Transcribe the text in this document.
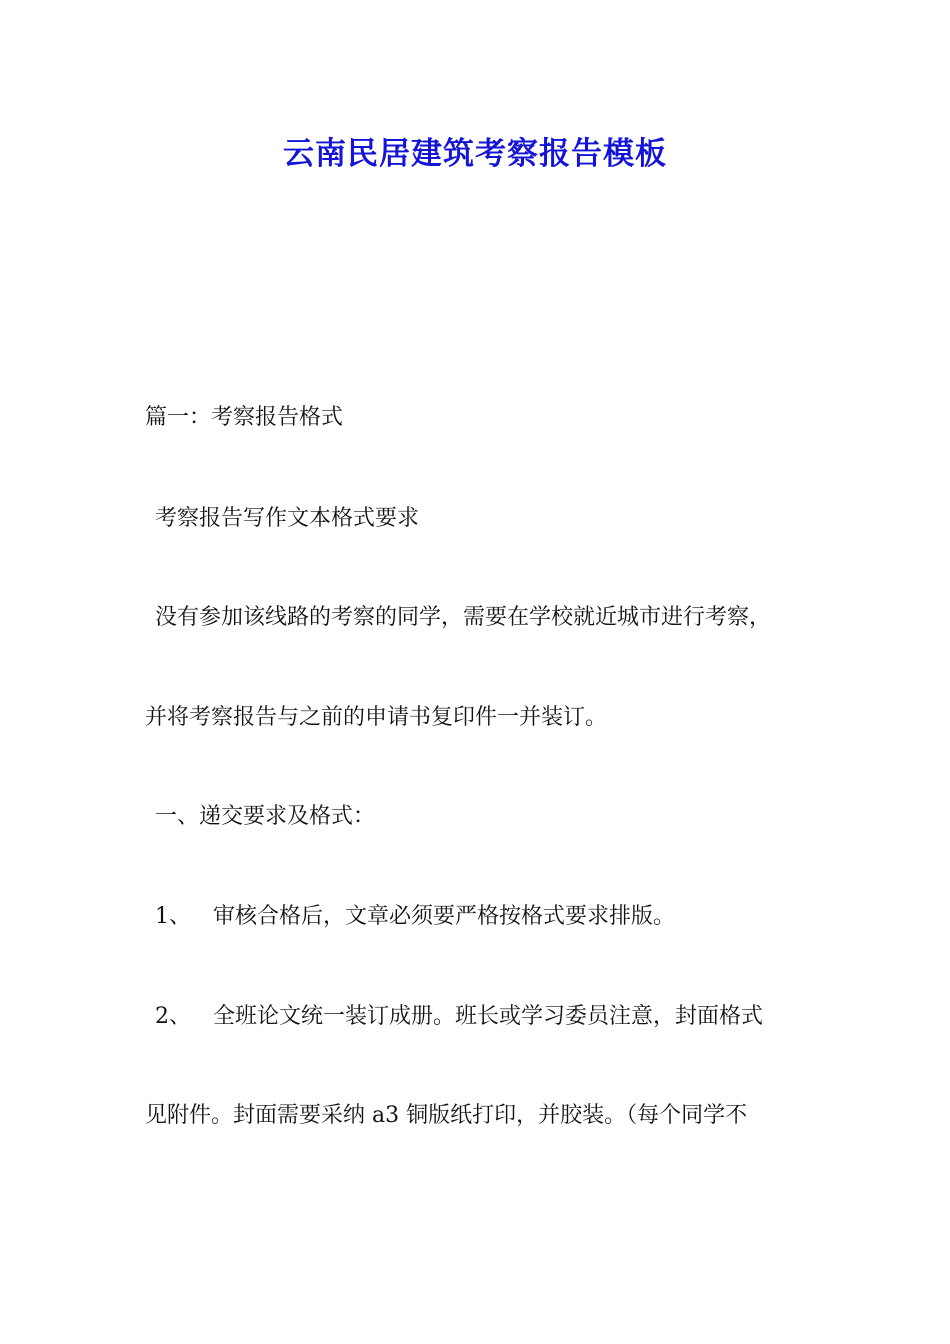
云南民居建筑考察报告模板

篇一：考察报告格式

考察报告写作文本格式要求

没有参加该线路的考察的同学，需要在学校就近城市进行考察，

并将考察报告与之前的申请书复印件一并装订。

一、递交要求及格式：

1、 审核合格后，文章必须要严格按格式要求排版。

2、 全班论文统一装订成册。班长或学习委员注意，封面格式

见附件。封面需要采纳 a3 铜版纸打印，并胶装。（每个同学不
